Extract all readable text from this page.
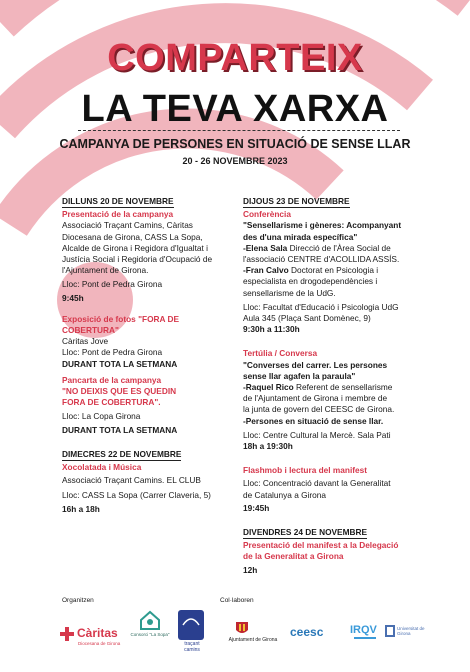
COMPARTEIX
LA TEVA XARXA
CAMPANYA DE PERSONES EN SITUACIÓ DE SENSE LLAR
20 - 26 NOVEMBRE 2023
DILLUNS 20 DE NOVEMBRE
Presentació de la campanya
Associació Traçant Camins, Càritas
Diocesana de Girona, CASS La Sopa,
Alcalde de Girona i Regidora d'Igualtat i
Justícia Social i Regidoria d'Ocupació de
l'Ajuntament de Girona.
Lloc: Pont de Pedra Girona
9:45h
Exposició de fotos "FORA DE
COBERTURA"
Càritas Jove
Lloc: Pont de Pedra Girona
DURANT TOTA LA SETMANA
Pancarta de la campanya
"NO DEIXIS QUE ES QUEDIN
FORA DE COBERTURA".
Lloc: La Copa Girona
DURANT TOTA LA SETMANA
DIMECRES 22 DE NOVEMBRE
Xocolatada i Música
Associació Traçant Camins. EL CLUB
Lloc: CASS La Sopa (Carrer Claveria, 5)
16h a 18h
DIJOUS 23 DE NOVEMBRE
Conferència
"Sensellarisme i gèneres: Acompanyant
des d'una mirada específica"
-Elena Sala Direcció de l'Àrea Social de
l'associació CENTRE d'ACOLLIDA ASSÍS.
-Fran Calvo Doctorat en Psicologia i
especialista en drogodependències i
sensellarisme de la UdG.
Lloc: Facultat d'Educació i Psicologia UdG
Aula 345 (Plaça Sant Domènec, 9)
9:30h a 11:30h
Tertúlia / Conversa
"Converses del carrer. Les persones
sense llar agafen la paraula"
-Raquel Rico Referent de sensellarisme
de l'Ajuntament de Girona i membre de
la junta de govern del CEESC de Girona.
-Persones en situació de sense llar.
Lloc: Centre Cultural la Mercè. Sala Pati
18h a 19:30h
Flashmob i lectura del manifest
Lloc: Concentració davant la Generalitat
de Catalunya a Girona
19:45h
DIVENDRES 24 DE NOVEMBRE
Presentació del manifest a la Delegació
de la Generalitat a Girona
12h
Organitzen	Col·laboren
Càritas
Diocesana de Girona
Consorci "La Sopa"
traçant
camins
Ajuntament de Girona
ceesc IRQV	Universitat de Girona
